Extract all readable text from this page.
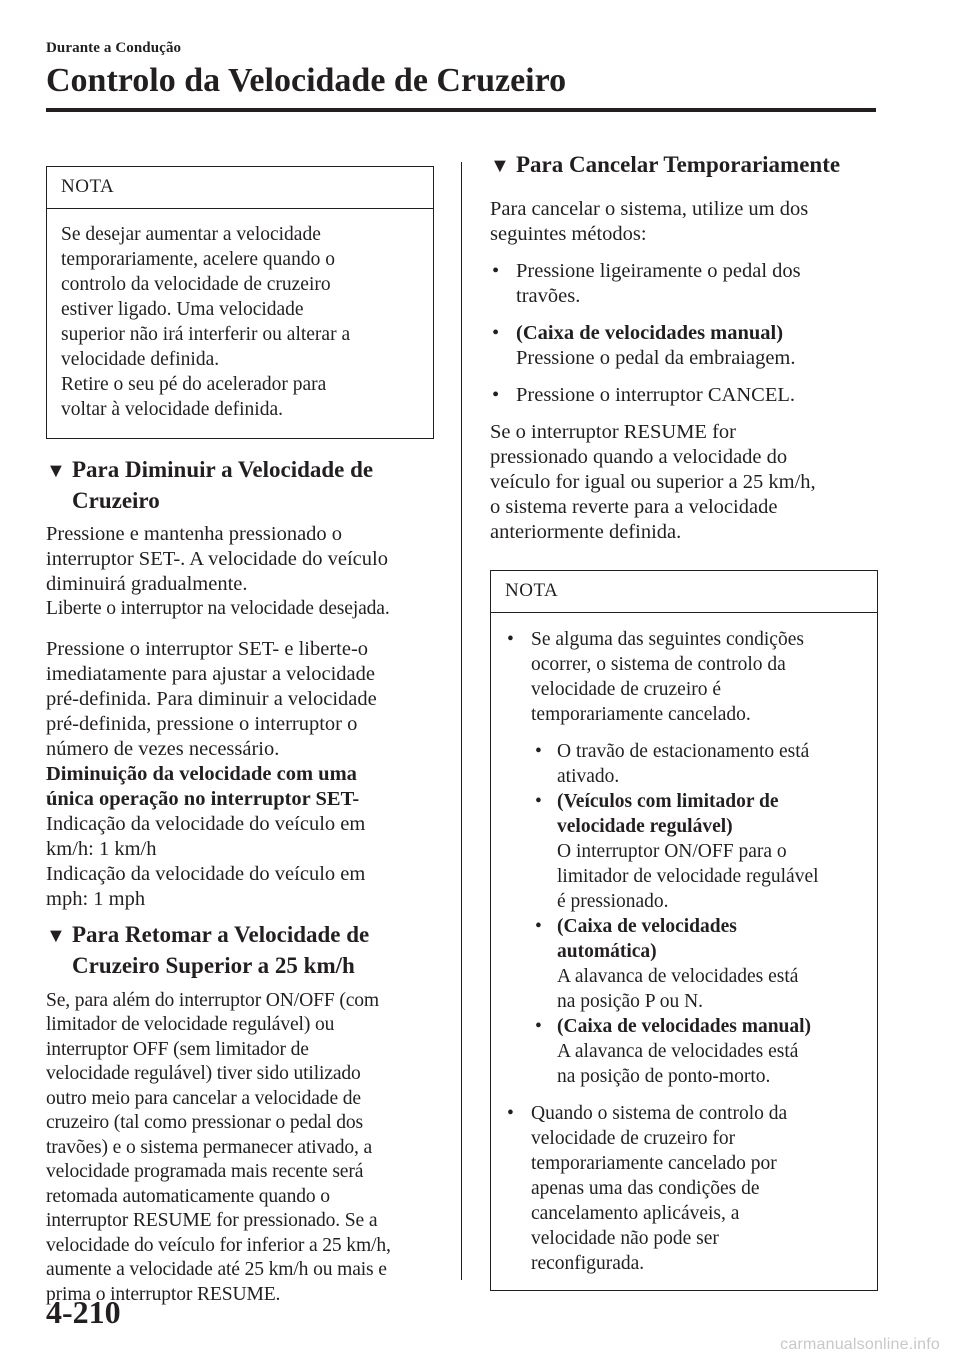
Durante a Condução
Controlo da Velocidade de Cruzeiro
NOTA
Se desejar aumentar a velocidade
temporariamente, acelere quando o
controlo da velocidade de cruzeiro
estiver ligado. Uma velocidade
superior não irá interferir ou alterar a
velocidade definida.
Retire o seu pé do acelerador para
voltar à velocidade definida.
▼ Para Diminuir a Velocidade de
Cruzeiro
Pressione e mantenha pressionado o
interruptor SET-. A velocidade do veículo
diminuirá gradualmente.
Liberte o interruptor na velocidade desejada.
Pressione o interruptor SET- e liberte-o
imediatamente para ajustar a velocidade
pré-definida. Para diminuir a velocidade
pré-definida, pressione o interruptor o
número de vezes necessário.
Diminuição da velocidade com uma
única operação no interruptor SET-
Indicação da velocidade do veículo em
km/h: 1 km/h
Indicação da velocidade do veículo em
mph: 1 mph
▼ Para Retomar a Velocidade de
Cruzeiro Superior a 25 km/h
Se, para além do interruptor ON/OFF (com
limitador de velocidade regulável) ou
interruptor OFF (sem limitador de
velocidade regulável) tiver sido utilizado
outro meio para cancelar a velocidade de
cruzeiro (tal como pressionar o pedal dos
travões) e o sistema permanecer ativado, a
velocidade programada mais recente será
retomada automaticamente quando o
interruptor RESUME for pressionado. Se a
velocidade do veículo for inferior a 25 km/h,
aumente a velocidade até 25 km/h ou mais e
prima o interruptor RESUME.
▼ Para Cancelar Temporariamente
Para cancelar o sistema, utilize um dos
seguintes métodos:
• Pressione ligeiramente o pedal dos
travões.
• (Caixa de velocidades manual)
Pressione o pedal da embraiagem.
• Pressione o interruptor CANCEL.
Se o interruptor RESUME for
pressionado quando a velocidade do
veículo for igual ou superior a 25 km/h,
o sistema reverte para a velocidade
anteriormente definida.
NOTA
• Se alguma das seguintes condições
ocorrer, o sistema de controlo da
velocidade de cruzeiro é
temporariamente cancelado.
• O travão de estacionamento está
ativado.
• (Veículos com limitador de
velocidade regulável)
O interruptor ON/OFF para o
limitador de velocidade regulável
é pressionado.
• (Caixa de velocidades
automática)
A alavanca de velocidades está
na posição P ou N.
• (Caixa de velocidades manual)
A alavanca de velocidades está
na posição de ponto-morto.
• Quando o sistema de controlo da
velocidade de cruzeiro for
temporariamente cancelado por
apenas uma das condições de
cancelamento aplicáveis, a
velocidade não pode ser
reconfigurada.
4-210
carmanualsonline.info
